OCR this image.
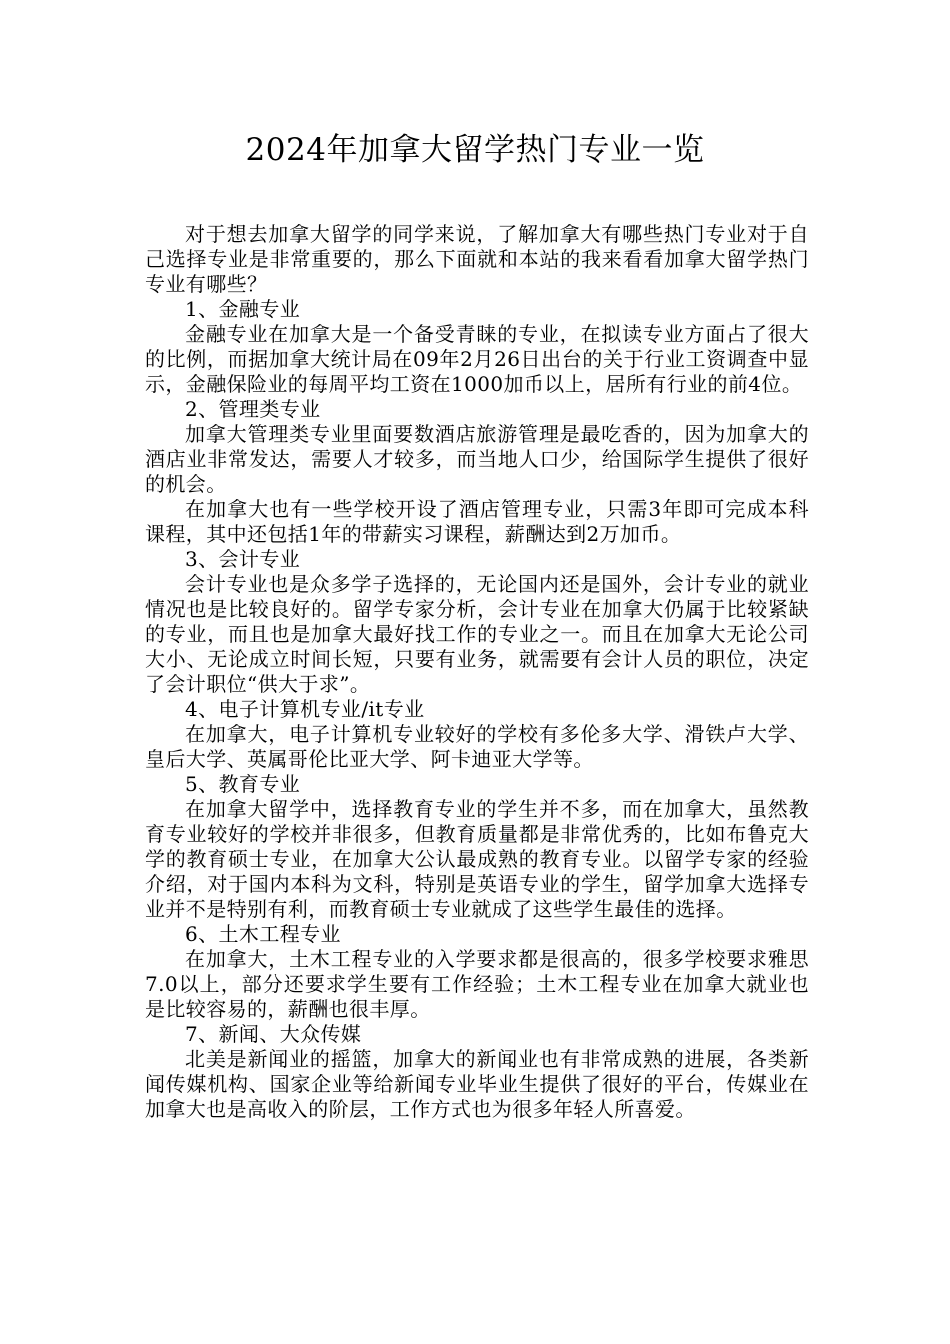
2024年加拿大留学热门专业一览

对于想去加拿大留学的同学来说，了解加拿大有哪些热门专业对于自己选择专业是非常重要的，那么下面就和本站的我来看看加拿大留学热门专业有哪些？

1、金融专业

金融专业在加拿大是一个备受青睐的专业，在拟读专业方面占了很大的比例，而据加拿大统计局在09年2月26日出台的关于行业工资调查中显示，金融保险业的每周平均工资在1000加币以上，居所有行业的前4位。

2、管理类专业

加拿大管理类专业里面要数酒店旅游管理是最吃香的，因为加拿大的酒店业非常发达，需要人才较多，而当地人口少，给国际学生提供了很好的机会。

在加拿大也有一些学校开设了酒店管理专业，只需3年即可完成本科课程，其中还包括1年的带薪实习课程，薪酬达到2万加币。

3、会计专业

会计专业也是众多学子选择的，无论国内还是国外，会计专业的就业情况也是比较良好的。留学专家分析，会计专业在加拿大仍属于比较紧缺的专业，而且也是加拿大最好找工作的专业之一。而且在加拿大无论公司大小、无论成立时间长短，只要有业务，就需要有会计人员的职位，决定了会计职位“供大于求”。

4、电子计算机专业/it专业

在加拿大，电子计算机专业较好的学校有多伦多大学、滑铁卢大学、皇后大学、英属哥伦比亚大学、阿卡迪亚大学等。

5、教育专业

在加拿大留学中，选择教育专业的学生并不多，而在加拿大，虽然教育专业较好的学校并非很多，但教育质量都是非常优秀的，比如布鲁克大学的教育硕士专业，在加拿大公认最成熟的教育专业。以留学专家的经验介绍，对于国内本科为文科，特别是英语专业的学生，留学加拿大选择专业并不是特别有利，而教育硕士专业就成了这些学生最佳的选择。

6、土木工程专业

在加拿大，土木工程专业的入学要求都是很高的，很多学校要求雅思7.0以上，部分还要求学生要有工作经验；土木工程专业在加拿大就业也是比较容易的，薪酬也很丰厚。

7、新闻、大众传媒

北美是新闻业的摇篮，加拿大的新闻业也有非常成熟的进展，各类新闻传媒机构、国家企业等给新闻专业毕业生提供了很好的平台，传媒业在加拿大也是高收入的阶层，工作方式也为很多年轻人所喜爱。
